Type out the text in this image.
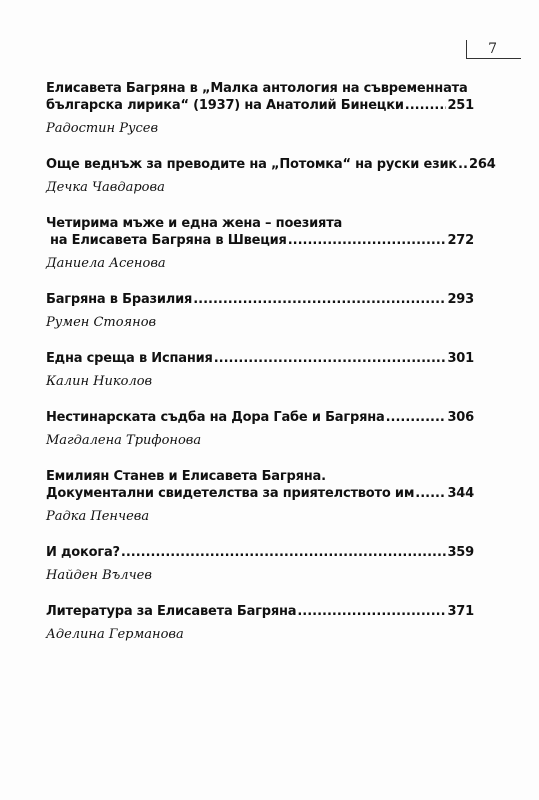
7
Елисавета Багряна в „Малка антология на съвременната
българска лирика“ (1937) на Анатолий Бинецки .....	251
Радостин Русев
Още веднъж за преводите на „Потомка“ на руски език ..... 264
Дечка Чавдарова
Четирима мъже и една жена – поезията
на Елисавета Багряна в Швеция .....	272
Даниела Асенова
Багряна в Бразилия .....	293
Румен Стоянов
Една среща в Испания .....	301
Калин Николов
Нестинарската съдба на Дора Габе и Багряна .....	306
Магдалена Трифонова
Емилиян Станев и Елисавета Багряна.
Документални свидетелства за приятелството им .....	344
Радка Пенчева
И докога? .....	359
Найден Вълчев
Литература за Елисавета Багряна .....	371
Аделина Германова
